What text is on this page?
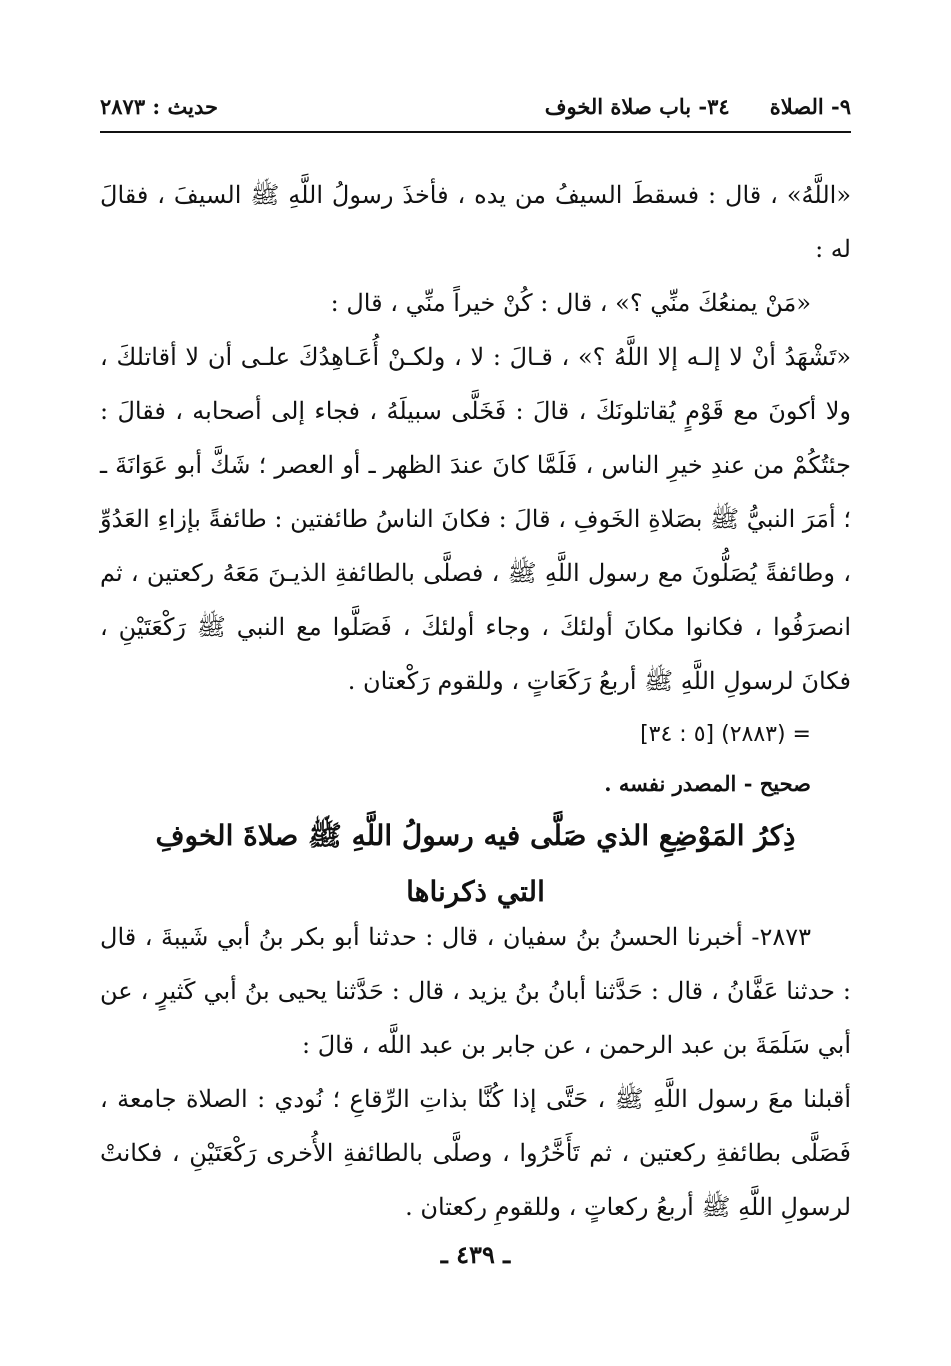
٩- الصلاة
٣٤- باب صلاة الخوف
حديث : ٢٨٧٣

«اللَّهُ» ، قال : فسقطَ السيفُ من يده ، فأخذَ رسولُ اللَّهِ ﷺ السيفَ ، فقالَ له :

«مَنْ يمنعُكَ منِّي ؟» ، قال : كُنْ خيراً منِّي ، قال :

«تَشْهَدُ أنْ لا إلـه إلا اللَّهُ ؟» ، قـالَ : لا ، ولكـنْ أُعَـاهِدُكَ علـى أن لا أقاتلكَ ، ولا أكونَ مع قَوْمٍ يُقاتلونَكَ ، قالَ : فَخَلَّى سبيلَهُ ، فجاء إلى أصحابه ، فقالَ : جئتُكُمْ من عندِ خيرِ الناس ، فَلَمَّا كانَ عندَ الظهر ـ أو العصر ؛ شَكَّ أبو عَوَانَةَ ـ ؛ أمَرَ النبيُّ ﷺ بصَلاةِ الخَوفِ ، قالَ : فكانَ الناسُ طائفتين : طائفةً بإزاءِ العَدُوِّ ، وطائفةً يُصَلُّونَ مع رسول اللَّهِ ﷺ ، فصلَّى بالطائفةِ الذيـنَ مَعَهُ ركعتين ، ثم انصرَفُوا ، فكانوا مكانَ أولئكَ ، وجاء أولئكَ ، فَصَلَّوا مع النبي ﷺ رَكْعَتَيْنِ ، فكانَ لرسولِ اللَّهِ ﷺ أربعُ رَكَعَاتٍ ، وللقوم رَكْعتان .

= (٢٨٨٣) [٥ : ٣٤]

صحيح - المصدر نفسه .

ذِكرُ المَوْضِعِ الذي صَلَّى فيه رسولُ اللَّهِ ﷺ صلاةَ الخوفِ
التي ذكرناها

٢٨٧٣- أخبرنا الحسنُ بنُ سفيان ، قال : حدثنا أبو بكر بنُ أبي شَيبةَ ، قال : حدثنا عَفَّانُ ، قال : حَدَّثنا أبانُ بنُ يزيد ، قال : حَدَّثنا يحيى بنُ أبي كَثيرٍ ، عن أبي سَلَمَةَ بن عبد الرحمن ، عن جابر بن عبد اللَّه ، قالَ :

أقبلنا معَ رسول اللَّهِ ﷺ ، حَتَّى إذا كُنَّا بذاتِ الرِّقاعِ ؛ نُودي : الصلاة جامعة ، فَصَلَّى بطائفةِ ركعتين ، ثم تَأَخَّرُوا ، وصلَّى بالطائفةِ الأُخرى رَكْعَتَيْنِ ، فكانتْ لرسولِ اللَّهِ ﷺ أربعُ ركعاتٍ ، وللقومِ ركعتان .

ـ ٤٣٩ ـ
